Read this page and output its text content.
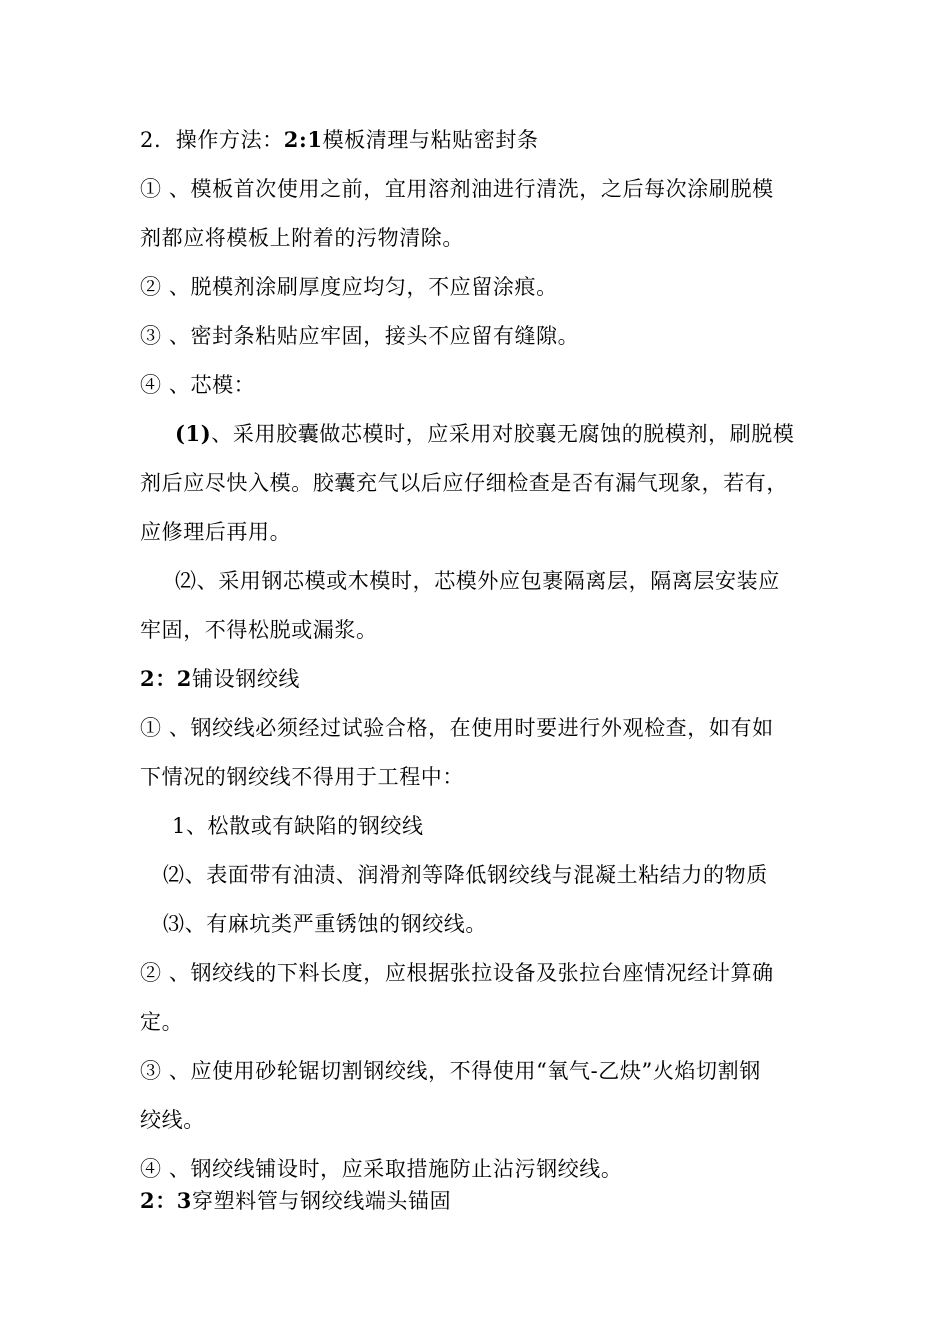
2.  操作方法：2:1模板清理与粘贴密封条
① 、模板首次使用之前，宜用溶剂油进行清洗，之后每次涂刷脱模
剂都应将模板上附着的污物清除。
② 、脱模剂涂刷厚度应均匀，不应留涂痕。
③ 、密封条粘贴应牢固，接头不应留有缝隙。
④ 、芯模：
(1)、采用胶囊做芯模时，应采用对胶襄无腐蚀的脱模剂，刷脱模
剂后应尽快入模。胶囊充气以后应仔细检查是否有漏气现象，若有，
应修理后再用。
⑵、采用钢芯模或木模时，芯模外应包裹隔离层，隔离层安装应
牢固，不得松脱或漏浆。
2：2铺设钢绞线
① 、钢绞线必须经过试验合格，在使用时要进行外观检查，如有如
下情况的钢绞线不得用于工程中：
1、松散或有缺陷的钢绞线
⑵、表面带有油渍、润滑剂等降低钢绞线与混凝土粘结力的物质
⑶、有麻坑类严重锈蚀的钢绞线。
② 、钢绞线的下料长度，应根据张拉设备及张拉台座情况经计算确
定。
③ 、应使用砂轮锯切割钢绞线，不得使用“氧气-乙炔”火焰切割钢
绞线。
④ 、钢绞线铺设时，应采取措施防止沾污钢绞线。
2：3穿塑料管与钢绞线端头锚固
